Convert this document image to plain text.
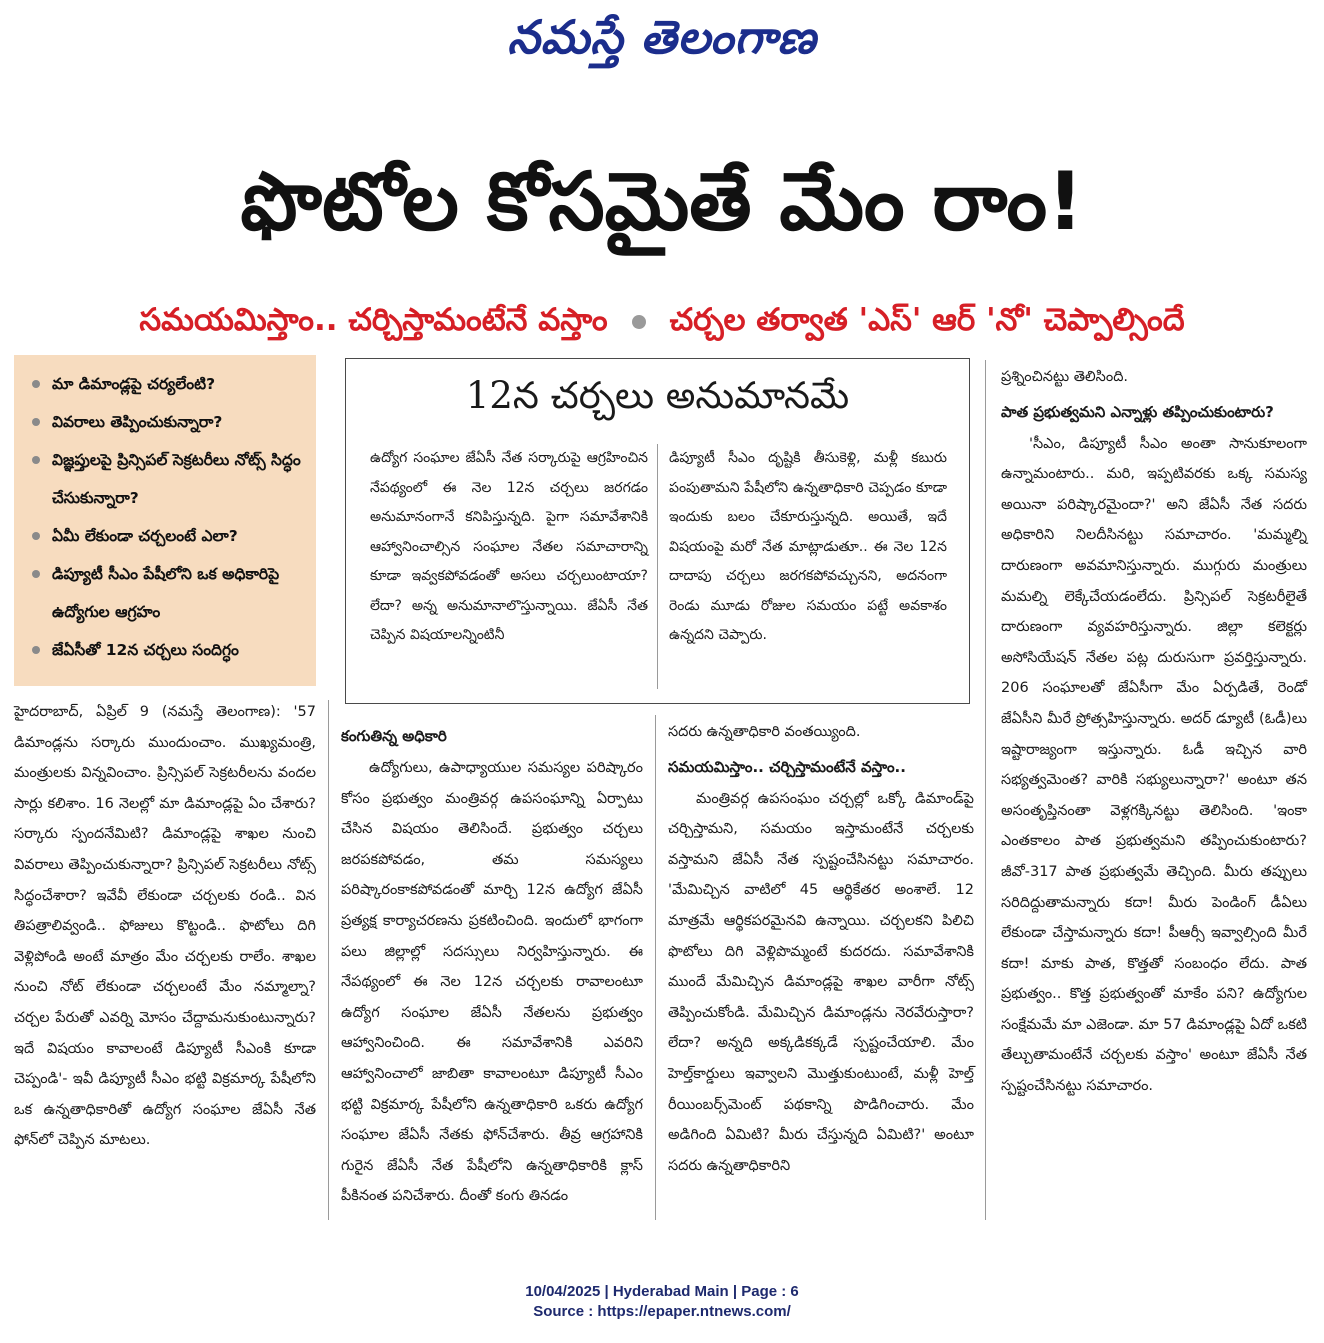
నమస్తే తెలంగాణ
ఫొటోల కోసమైతే మేం రాం!
సమయమిస్తాం.. చర్చిస్తామంటేనే వస్తాం చర్చల తర్వాత 'ఎస్' ఆర్ 'నో' చెప్పాల్సిందే
మా డిమాండ్లపై చర్యలేంటి?
వివరాలు తెప్పించుకున్నారా?
విజ్ఞప్తులపై ప్రిన్సిపల్ సెక్రటరీలు నోట్స్ సిద్ధం చేసుకున్నారా?
ఏమీ లేకుండా చర్చలంటే ఎలా?
డిప్యూటీ సీఎం పేషీలోని ఒక అధికారిపై ఉద్యోగుల ఆగ్రహం
జేఏసీతో 12న చర్చలు సందిగ్ధం
12న చర్చలు అనుమానమే
ఉద్యోగ సంఘాల జేఏసీ నేత సర్కారుపై ఆగ్రహించిన నేపథ్యంలో ఈ నెల 12న చర్చలు జరగడం అనుమానంగానే కనిపిస్తున్నది. పైగా సమావేశానికి ఆహ్వానించాల్సిన సంఘాల నేతల సమాచారాన్ని కూడా ఇవ్వకపోవడంతో అసలు చర్చలుంటాయా? లేదా? అన్న అనుమానాలొస్తున్నాయి. జేఏసీ నేత చెప్పిన విషయాలన్నింటినీ
డిప్యూటీ సీఎం దృష్టికి తీసుకెళ్లి, మళ్లీ కబురు పంపుతామని పేషీలోని ఉన్నతాధికారి చెప్పడం కూడా ఇందుకు బలం చేకూరుస్తున్నది. అయితే, ఇదే విషయంపై మరో నేత మాట్లాడుతూ.. ఈ నెల 12న దాదాపు చర్చలు జరగకపోవచ్చునని, అదనంగా రెండు మూడు రోజుల సమయం పట్టే అవకాశం ఉన్నదని చెప్పారు.

హైదరాబాద్, ఏప్రిల్ 9 (నమస్తే తెలంగాణ): '57 డిమాండ్లను సర్కారు ముందుంచాం. ముఖ్యమంత్రి, మంత్రులకు విన్నవించాం. ప్రిన్సిపల్ సెక్రటరీలను వందల సార్లు కలిశాం. 16 నెలల్లో మా డిమాండ్లపై ఏం చేశారు? సర్కారు స్పందనేమిటి? డిమాండ్లపై శాఖల నుంచి వివరాలు తెప్పించుకున్నారా? ప్రిన్సిపల్ సెక్రటరీలు నోట్స్ సిద్ధంచేశారా? ఇవేవీ లేకుండా చర్చలకు రండి.. విన తిపత్రాలివ్వండి.. ఫోజులు కొట్టండి.. ఫొటోలు దిగి వెళ్లిపోండి అంటే మాత్రం మేం చర్చలకు రాలేం. శాఖల నుంచి నోట్ లేకుండా చర్చలంటే మేం నమ్మాల్నా? చర్చల పేరుతో ఎవర్ని మోసం చేద్దామనుకుంటున్నారు? ఇదే విషయం కావాలంటే డిప్యూటీ సీఎంకి కూడా చెప్పండి'- ఇవీ డిప్యూటీ సీఎం భట్టి విక్రమార్క పేషీలోని ఒక ఉన్నతాధికారితో ఉద్యోగ సంఘాల జేఏసీ నేత ఫోన్‌లో చెప్పిన మాటలు.

కంగుతిన్న అధికారి

ఉద్యోగులు, ఉపాధ్యాయుల సమస్యల పరిష్కారం కోసం ప్రభుత్వం మంత్రివర్గ ఉపసంఘాన్ని ఏర్పాటు చేసిన విషయం తెలిసిందే. ప్రభుత్వం చర్చలు జరపకపోవడం, తమ సమస్యలు పరిష్కారంకాకపోవడంతో మార్చి 12న ఉద్యోగ జేఏసీ ప్రత్యక్ష కార్యాచరణను ప్రకటించింది. ఇందులో భాగంగా పలు జిల్లాల్లో సదస్సులు నిర్వహిస్తున్నారు. ఈ నేపథ్యంలో ఈ నెల 12న చర్చలకు రావాలంటూ ఉద్యోగ సంఘాల జేఏసీ నేతలను ప్రభుత్వం ఆహ్వానించింది. ఈ సమావేశానికి ఎవరిని ఆహ్వానించాలో జాబితా కావాలంటూ డిప్యూటీ సీఎం భట్టి విక్రమార్క పేషీలోని ఉన్నతాధికారి ఒకరు ఉద్యోగ సంఘాల జేఏసీ నేతకు ఫోన్‌చేశారు. తీవ్ర ఆగ్రహానికి గురైన జేఏసీ నేత పేషీలోని ఉన్నతాధికారికి క్లాస్ పీకినంత పనిచేశారు. దీంతో కంగు తినడం

సదరు ఉన్నతాధికారి వంతయ్యింది.

సమయమిస్తాం.. చర్చిస్తామంటేనే వస్తాం..

మంత్రివర్గ ఉపసంఘం చర్చల్లో ఒక్కో డిమాండ్‌పై చర్చిస్తామని, సమయం ఇస్తామంటేనే చర్చలకు వస్తామని జేఏసీ నేత స్పష్టంచేసినట్టు సమాచారం. 'మేమిచ్చిన వాటిలో 45 ఆర్థికేతర అంశాలే. 12 మాత్రమే ఆర్థికపరమైనవి ఉన్నాయి. చర్చలకని పిలిచి ఫొటోలు దిగి వెళ్లిపొమ్మంటే కుదరదు. సమావేశానికి ముందే మేమిచ్చిన డిమాండ్లపై శాఖల వారీగా నోట్స్ తెప్పించుకోండి. మేమిచ్చిన డిమాండ్లను నెరవేరుస్తారా? లేదా? అన్నది అక్కడికక్కడే స్పష్టంచేయాలి. మేం హెల్త్‌కార్డులు ఇవ్వాలని మొత్తుకుంటుంటే, మళ్లీ హెల్త్ రీయింబర్స్‌మెంట్ పథకాన్ని పొడిగించారు. మేం అడిగింది ఏమిటి? మీరు చేస్తున్నది ఏమిటి?' అంటూ సదరు ఉన్నతాధికారిని

ప్రశ్నించినట్టు తెలిసింది.

పాత ప్రభుత్వమని ఎన్నాళ్లు తప్పించుకుంటారు?

'సీఎం, డిప్యూటీ సీఎం అంతా సానుకూలంగా ఉన్నామంటారు.. మరి, ఇప్పటివరకు ఒక్క సమస్య అయినా పరిష్కారమైందా?' అని జేఏసీ నేత సదరు అధికారిని నిలదీసినట్టు సమాచారం. 'మమ్మల్ని దారుణంగా అవమానిస్తున్నారు. ముగ్గురు మంత్రులు మమల్ని లెక్కేచేయడంలేదు. ప్రిన్సిపల్ సెక్రటరీలైతే దారుణంగా వ్యవహరిస్తున్నారు. జిల్లా కలెక్టర్లు అసోసియేషన్ నేతల పట్ల దురుసుగా ప్రవర్తిస్తున్నారు. 206 సంఘాలతో జేఏసీగా మేం ఏర్పడితే, రెండో జేఏసీని మీరే ప్రోత్సహిస్తున్నారు. అదర్ డ్యూటీ (ఓడీ)లు ఇష్టారాజ్యంగా ఇస్తున్నారు. ఓడీ ఇచ్చిన వారి సభ్యత్వమెంత? వారికి సభ్యులున్నారా?' అంటూ తన అసంతృప్తినంతా వెళ్లగక్కినట్టు తెలిసింది. 'ఇంకా ఎంతకాలం పాత ప్రభుత్వమని తప్పించుకుంటారు? జీవో-317 పాత ప్రభుత్వమే తెచ్చింది. మీరు తప్పులు సరిదిద్దుతామన్నారు కదా! మీరు పెండింగ్ డీఏలు లేకుండా చేస్తామన్నారు కదా! పీఆర్సీ ఇవ్వాల్సింది మీరే కదా! మాకు పాత, కొత్తతో సంబంధం లేదు. పాత ప్రభుత్వం.. కొత్త ప్రభుత్వంతో మాకేం పని? ఉద్యోగుల సంక్షేమమే మా ఎజెండా. మా 57 డిమాండ్లపై ఏదో ఒకటి తేల్చుతామంటేనే చర్చలకు వస్తాం' అంటూ జేఏసీ నేత స్పష్టంచేసినట్టు సమాచారం.

10/04/2025 | Hyderabad Main | Page : 6
Source : https://epaper.ntnews.com/
